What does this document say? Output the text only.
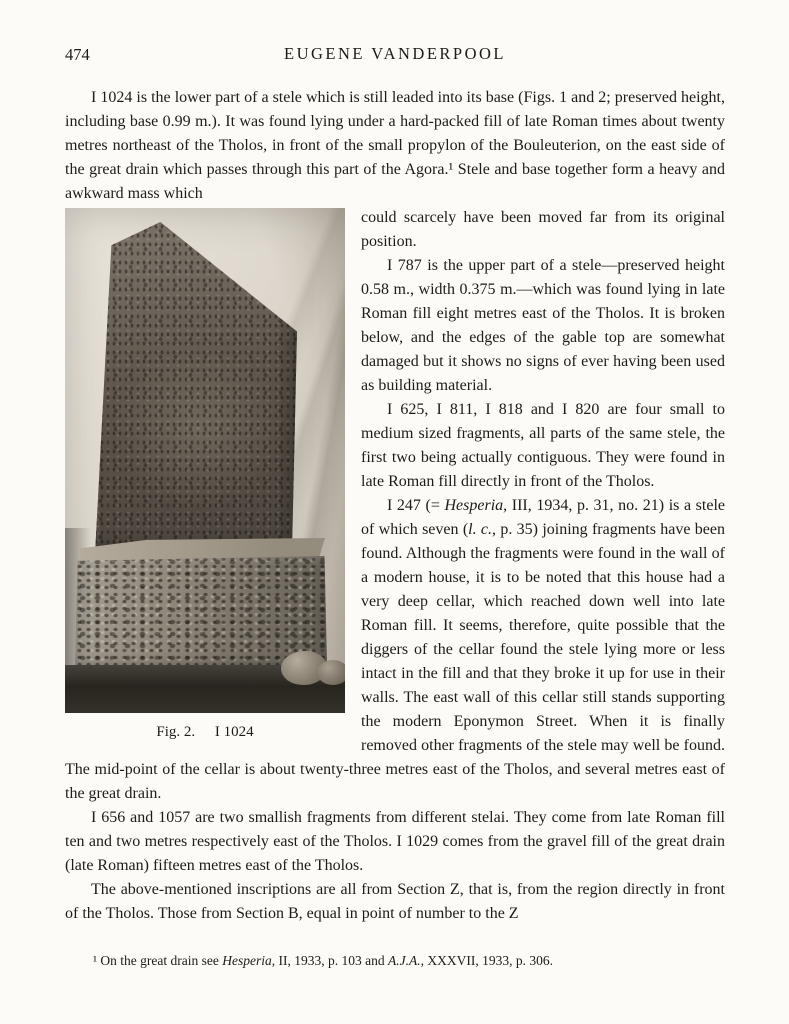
474	EUGENE VANDERPOOL

I 1024 is the lower part of a stele which is still leaded into its base (Figs. 1 and 2; preserved height, including base 0.99 m.). It was found lying under a hard-packed fill of late Roman times about twenty metres northeast of the Tholos, in front of the small propylon of the Bouleuterion, on the east side of the great drain which passes through this part of the Agora.¹ Stele and base together form a heavy and awkward mass which

Fig. 2. I 1024

could scarcely have been moved far from its original position.

I 787 is the upper part of a stele—preserved height 0.58 m., width 0.375 m.—which was found lying in late Roman fill eight metres east of the Tholos. It is broken below, and the edges of the gable top are somewhat damaged but it shows no signs of ever having been used as building material.

I 625, I 811, I 818 and I 820 are four small to medium sized fragments, all parts of the same stele, the first two being actually contiguous. They were found in late Roman fill directly in front of the Tholos.

I 247 (= Hesperia, III, 1934, p. 31, no. 21) is a stele of which seven (l. c., p. 35) joining fragments have been found. Although the fragments were found in the wall of a modern house, it is to be noted that this house had a very deep cellar, which reached down well into late Roman fill. It seems, therefore, quite possible that the diggers of the cellar found the stele lying more or less intact in the fill and that they broke it up for use in their walls. The east wall of this cellar still stands supporting the modern Eponymon Street. When it is finally removed other fragments of the stele may well be found. The mid-point of the cellar is about twenty-three metres east of the Tholos, and several metres east of the great drain.

I 656 and 1057 are two smallish fragments from different stelai. They come from late Roman fill ten and two metres respectively east of the Tholos. I 1029 comes from the gravel fill of the great drain (late Roman) fifteen metres east of the Tholos.

The above-mentioned inscriptions are all from Section Z, that is, from the region directly in front of the Tholos. Those from Section B, equal in point of number to the Z

¹ On the great drain see Hesperia, II, 1933, p. 103 and A.J.A., XXXVII, 1933, p. 306.
